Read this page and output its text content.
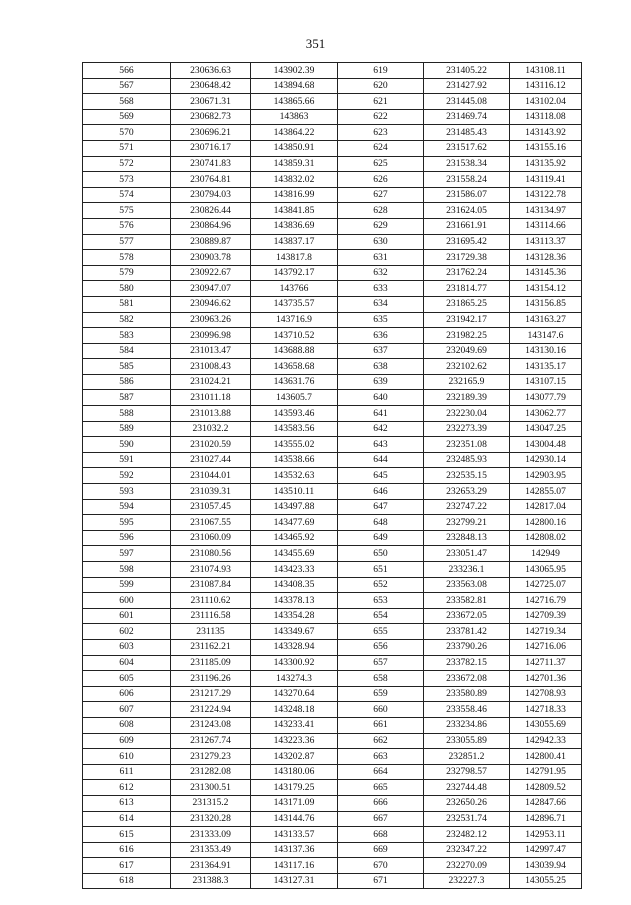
351
566	230636.63	143902.39	619	231405.22	143108.11
567	230648.42	143894.68	620	231427.92	143116.12
568	230671.31	143865.66	621	231445.08	143102.04
569	230682.73	143863	622	231469.74	143118.08
570	230696.21	143864.22	623	231485.43	143143.92
571	230716.17	143850.91	624	231517.62	143155.16
572	230741.83	143859.31	625	231538.34	143135.92
573	230764.81	143832.02	626	231558.24	143119.41
574	230794.03	143816.99	627	231586.07	143122.78
575	230826.44	143841.85	628	231624.05	143134.97
576	230864.96	143836.69	629	231661.91	143114.66
577	230889.87	143837.17	630	231695.42	143113.37
578	230903.78	143817.8	631	231729.38	143128.36
579	230922.67	143792.17	632	231762.24	143145.36
580	230947.07	143766	633	231814.77	143154.12
581	230946.62	143735.57	634	231865.25	143156.85
582	230963.26	143716.9	635	231942.17	143163.27
583	230996.98	143710.52	636	231982.25	143147.6
584	231013.47	143688.88	637	232049.69	143130.16
585	231008.43	143658.68	638	232102.62	143135.17
586	231024.21	143631.76	639	232165.9	143107.15
587	231011.18	143605.7	640	232189.39	143077.79
588	231013.88	143593.46	641	232230.04	143062.77
589	231032.2	143583.56	642	232273.39	143047.25
590	231020.59	143555.02	643	232351.08	143004.48
591	231027.44	143538.66	644	232485.93	142930.14
592	231044.01	143532.63	645	232535.15	142903.95
593	231039.31	143510.11	646	232653.29	142855.07
594	231057.45	143497.88	647	232747.22	142817.04
595	231067.55	143477.69	648	232799.21	142800.16
596	231060.09	143465.92	649	232848.13	142808.02
597	231080.56	143455.69	650	233051.47	142949
598	231074.93	143423.33	651	233236.1	143065.95
599	231087.84	143408.35	652	233563.08	142725.07
600	231110.62	143378.13	653	233582.81	142716.79
601	231116.58	143354.28	654	233672.05	142709.39
602	231135	143349.67	655	233781.42	142719.34
603	231162.21	143328.94	656	233790.26	142716.06
604	231185.09	143300.92	657	233782.15	142711.37
605	231196.26	143274.3	658	233672.08	142701.36
606	231217.29	143270.64	659	233580.89	142708.93
607	231224.94	143248.18	660	233558.46	142718.33
608	231243.08	143233.41	661	233234.86	143055.69
609	231267.74	143223.36	662	233055.89	142942.33
610	231279.23	143202.87	663	232851.2	142800.41
611	231282.08	143180.06	664	232798.57	142791.95
612	231300.51	143179.25	665	232744.48	142809.52
613	231315.2	143171.09	666	232650.26	142847.66
614	231320.28	143144.76	667	232531.74	142896.71
615	231333.09	143133.57	668	232482.12	142953.11
616	231353.49	143137.36	669	232347.22	142997.47
617	231364.91	143117.16	670	232270.09	143039.94
618	231388.3	143127.31	671	232227.3	143055.25
